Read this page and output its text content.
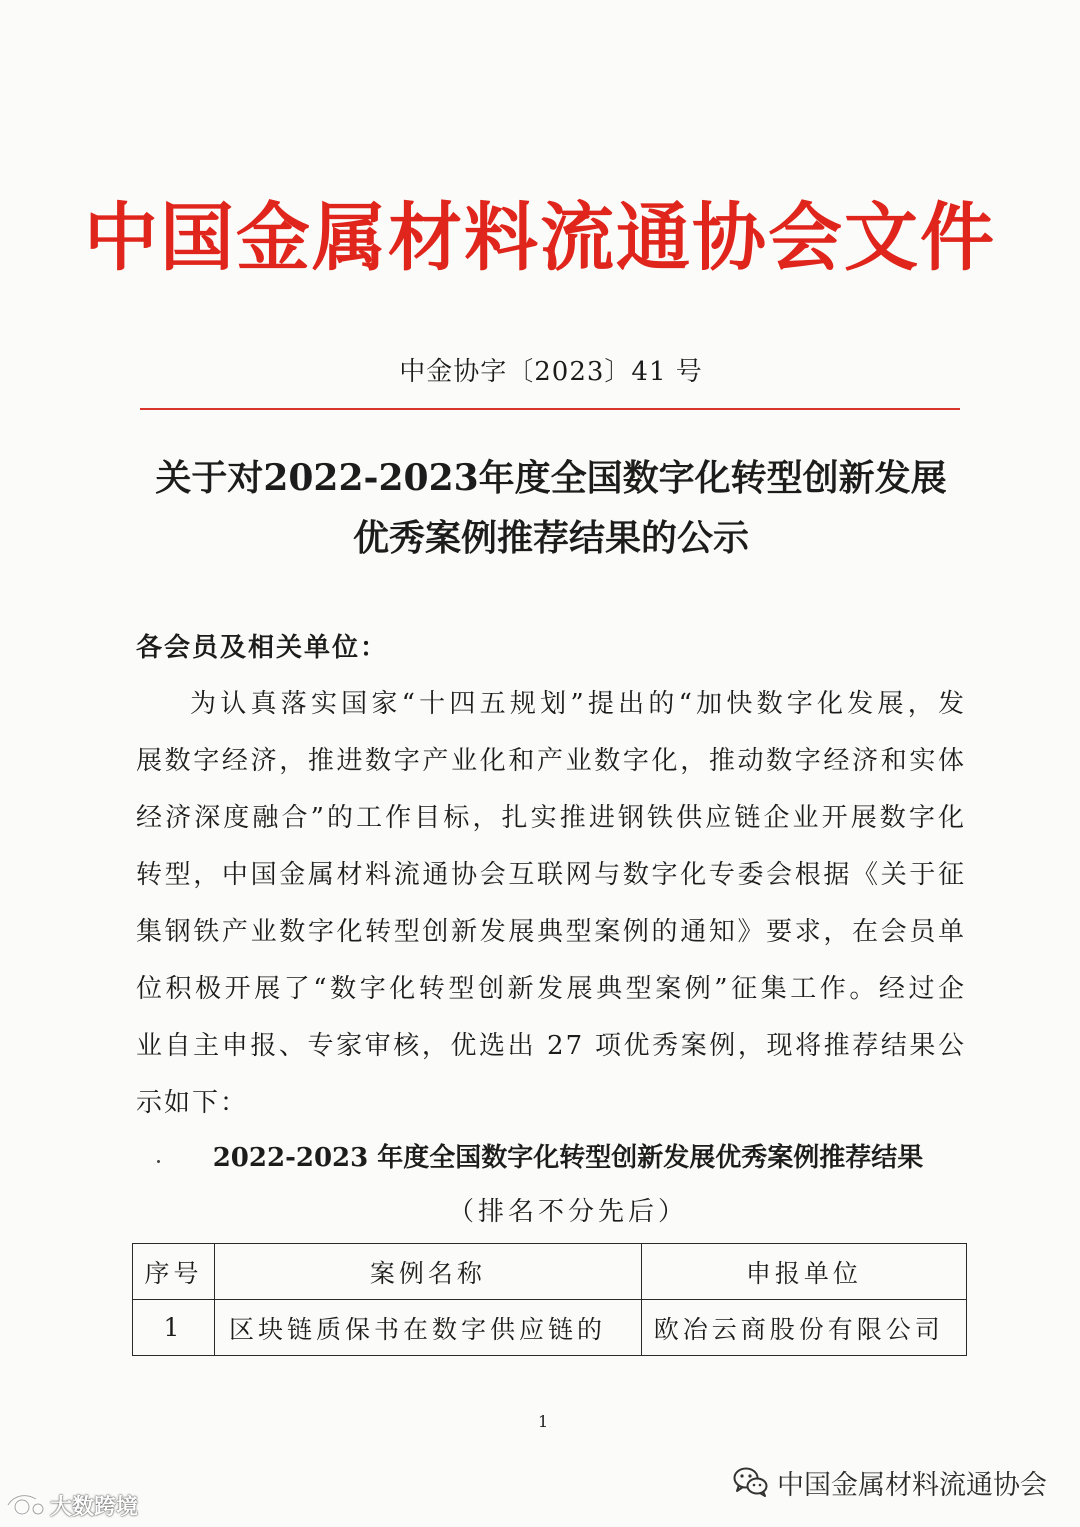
中国金属材料流通协会文件
中金协字〔2023〕41 号
关于对2022-2023年度全国数字化转型创新发展
优秀案例推荐结果的公示
各会员及相关单位：
为认真落实国家“十四五规划”提出的“加快数字化发展，发
展数字经济，推进数字产业化和产业数字化，推动数字经济和实体
经济深度融合”的工作目标，扎实推进钢铁供应链企业开展数字化
转型，中国金属材料流通协会互联网与数字化专委会根据《关于征
集钢铁产业数字化转型创新发展典型案例的通知》要求，在会员单
位积极开展了“数字化转型创新发展典型案例”征集工作。经过企
业自主申报、专家审核，优选出 27 项优秀案例，现将推荐结果公
示如下：
2022-2023 年度全国数字化转型创新发展优秀案例推荐结果
（排名不分先后）
序号	案例名称	申报单位
1	区块链质保书在数字供应链的	欧冶云商股份有限公司
1
中国金属材料流通协会
大数跨境
